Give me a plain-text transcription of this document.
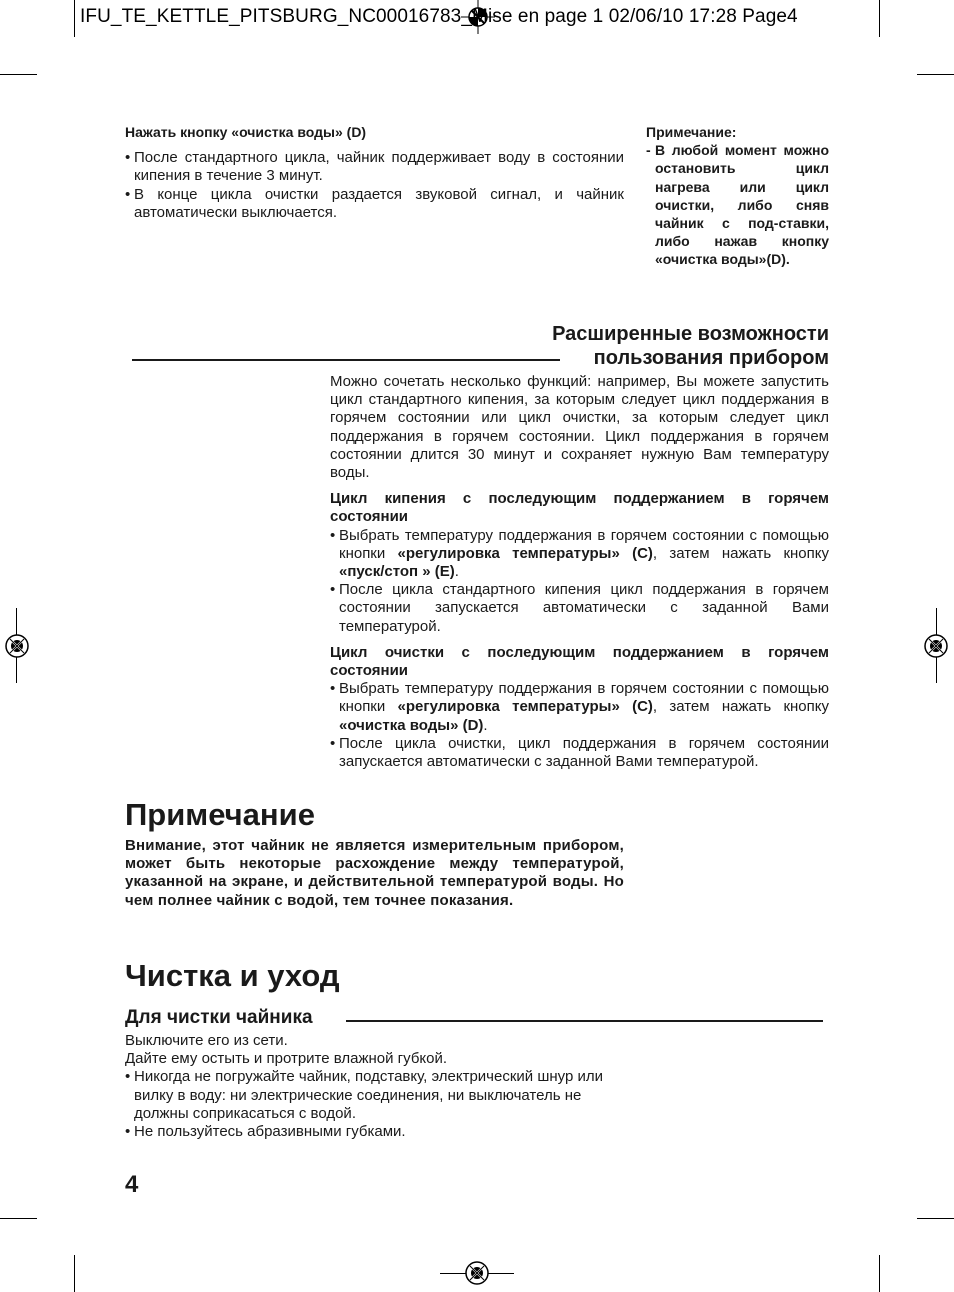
IFU_TE_KETTLE_PITSBURG_NC00016783_Mise en page 1 02/06/10 17:28 Page4
Нажать кнопку «очистка воды» (D)
• После стандартного цикла, чайник поддерживает воду в состоянии кипения в течение 3 минут.
• В конце цикла очистки раздается звуковой сигнал, и чайник автоматически выключается.
Примечание:
- В любой момент можно остановить цикл нагрева или цикл очистки, либо сняв чайник с под-ставки, либо нажав кнопку «очистка воды»(D).
Расширенные возможности
пользования прибором
Можно сочетать несколько функций: например, Вы можете запустить цикл стандартного кипения, за которым следует цикл поддержания в горячем состоянии или цикл очистки, за которым следует цикл поддержания в горячем состоянии. Цикл поддержания в горячем состоянии длится 30 минут и сохраняет нужную Вам температуру воды.
Цикл кипения с последующим поддержанием в горячем состоянии
• Выбрать температуру поддержания в горячем состоянии с помощью кнопки «регулировка температуры» (C), затем нажать кнопку «пуск/стоп » (E).
• После цикла стандартного кипения цикл поддержания в горячем состоянии запускается автоматически с заданной Вами температурой.
Цикл очистки с последующим поддержанием в горячем состоянии
• Выбрать температуру поддержания в горячем состоянии с помощью кнопки «регулировка температуры» (C), затем нажать кнопку «очистка воды» (D).
• После цикла очистки, цикл поддержания в горячем состоянии запускается автоматически с заданной Вами температурой.
Примечание
Внимание, этот чайник не является измерительным прибором, может быть некоторые расхождение между температурой, указанной на экране, и действительной температурой воды. Но чем полнее чайник с водой, тем точнее показания.
Чистка и уход
Для чистки чайника
Выключите его из сети.
Дайте ему остыть и протрите влажной губкой.
• Никогда не погружайте чайник, подставку, электрический шнур или вилку в воду: ни электрические соединения, ни выключатель не должны соприкасаться с водой.
• Не пользуйтесь абразивными губками.
4
